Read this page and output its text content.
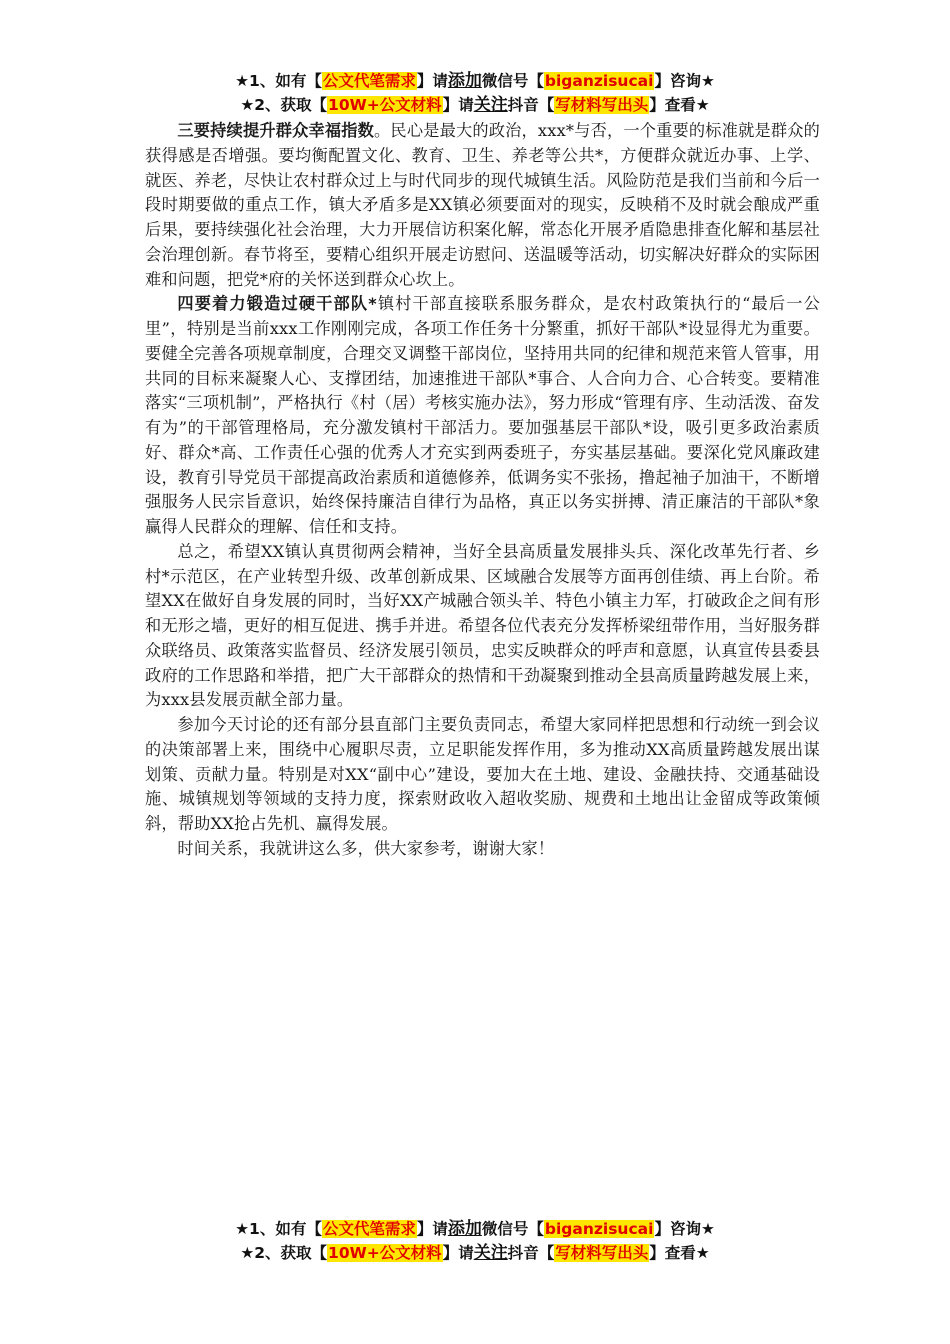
★1、如有【公文代笔需求】请添加微信号【biganzisucai】咨询★
★2、获取【10W+公文材料】请关注抖音【写材料写出头】查看★

三要持续提升群众幸福指数。民心是最大的政治，xxx*与否，一个重要的标准就是群众的获得感是否增强。要均衡配置文化、教育、卫生、养老等公共*，方便群众就近办事、上学、就医、养老，尽快让农村群众过上与时代同步的现代城镇生活。风险防范是我们当前和今后一段时期要做的重点工作，镇大矛盾多是XX镇必须要面对的现实，反映稍不及时就会酿成严重后果，要持续强化社会治理，大力开展信访积案化解，常态化开展矛盾隐患排查化解和基层社会治理创新。春节将至，要精心组织开展走访慰问、送温暖等活动，切实解决好群众的实际困难和问题，把党*府的关怀送到群众心坎上。

四要着力锻造过硬干部队*镇村干部直接联系服务群众，是农村政策执行的“最后一公里”，特别是当前xxx工作刚刚完成，各项工作任务十分繁重，抓好干部队*设显得尤为重要。要健全完善各项规章制度，合理交叉调整干部岗位，坚持用共同的纪律和规范来管人管事，用共同的目标来凝聚人心、支撑团结，加速推进干部队*事合、人合向力合、心合转变。要精准落实“三项机制”，严格执行《村（居）考核实施办法》，努力形成“管理有序、生动活泼、奋发有为”的干部管理格局，充分激发镇村干部活力。要加强基层干部队*设，吸引更多政治素质好、群众*高、工作责任心强的优秀人才充实到两委班子，夯实基层基础。要深化党风廉政建设，教育引导党员干部提高政治素质和道德修养，低调务实不张扬，撸起袖子加油干，不断增强服务人民宗旨意识，始终保持廉洁自律行为品格，真正以务实拼搏、清正廉洁的干部队*象赢得人民群众的理解、信任和支持。

总之，希望XX镇认真贯彻两会精神，当好全县高质量发展排头兵、深化改革先行者、乡村*示范区，在产业转型升级、改革创新成果、区域融合发展等方面再创佳绩、再上台阶。希望XX在做好自身发展的同时，当好XX产城融合领头羊、特色小镇主力军，打破政企之间有形和无形之墙，更好的相互促进、携手并进。希望各位代表充分发挥桥梁纽带作用，当好服务群众联络员、政策落实监督员、经济发展引领员，忠实反映群众的呼声和意愿，认真宣传县委县政府的工作思路和举措，把广大干部群众的热情和干劲凝聚到推动全县高质量跨越发展上来，为xxx县发展贡献全部力量。

参加今天讨论的还有部分县直部门主要负责同志，希望大家同样把思想和行动统一到会议的决策部署上来，围绕中心履职尽责，立足职能发挥作用，多为推动XX高质量跨越发展出谋划策、贡献力量。特别是对XX“副中心”建设，要加大在土地、建设、金融扶持、交通基础设施、城镇规划等领域的支持力度，探索财政收入超收奖励、规费和土地出让金留成等政策倾斜，帮助XX抢占先机、赢得发展。

时间关系，我就讲这么多，供大家参考，谢谢大家！

★1、如有【公文代笔需求】请添加微信号【biganzisucai】咨询★
★2、获取【10W+公文材料】请关注抖音【写材料写出头】查看★
